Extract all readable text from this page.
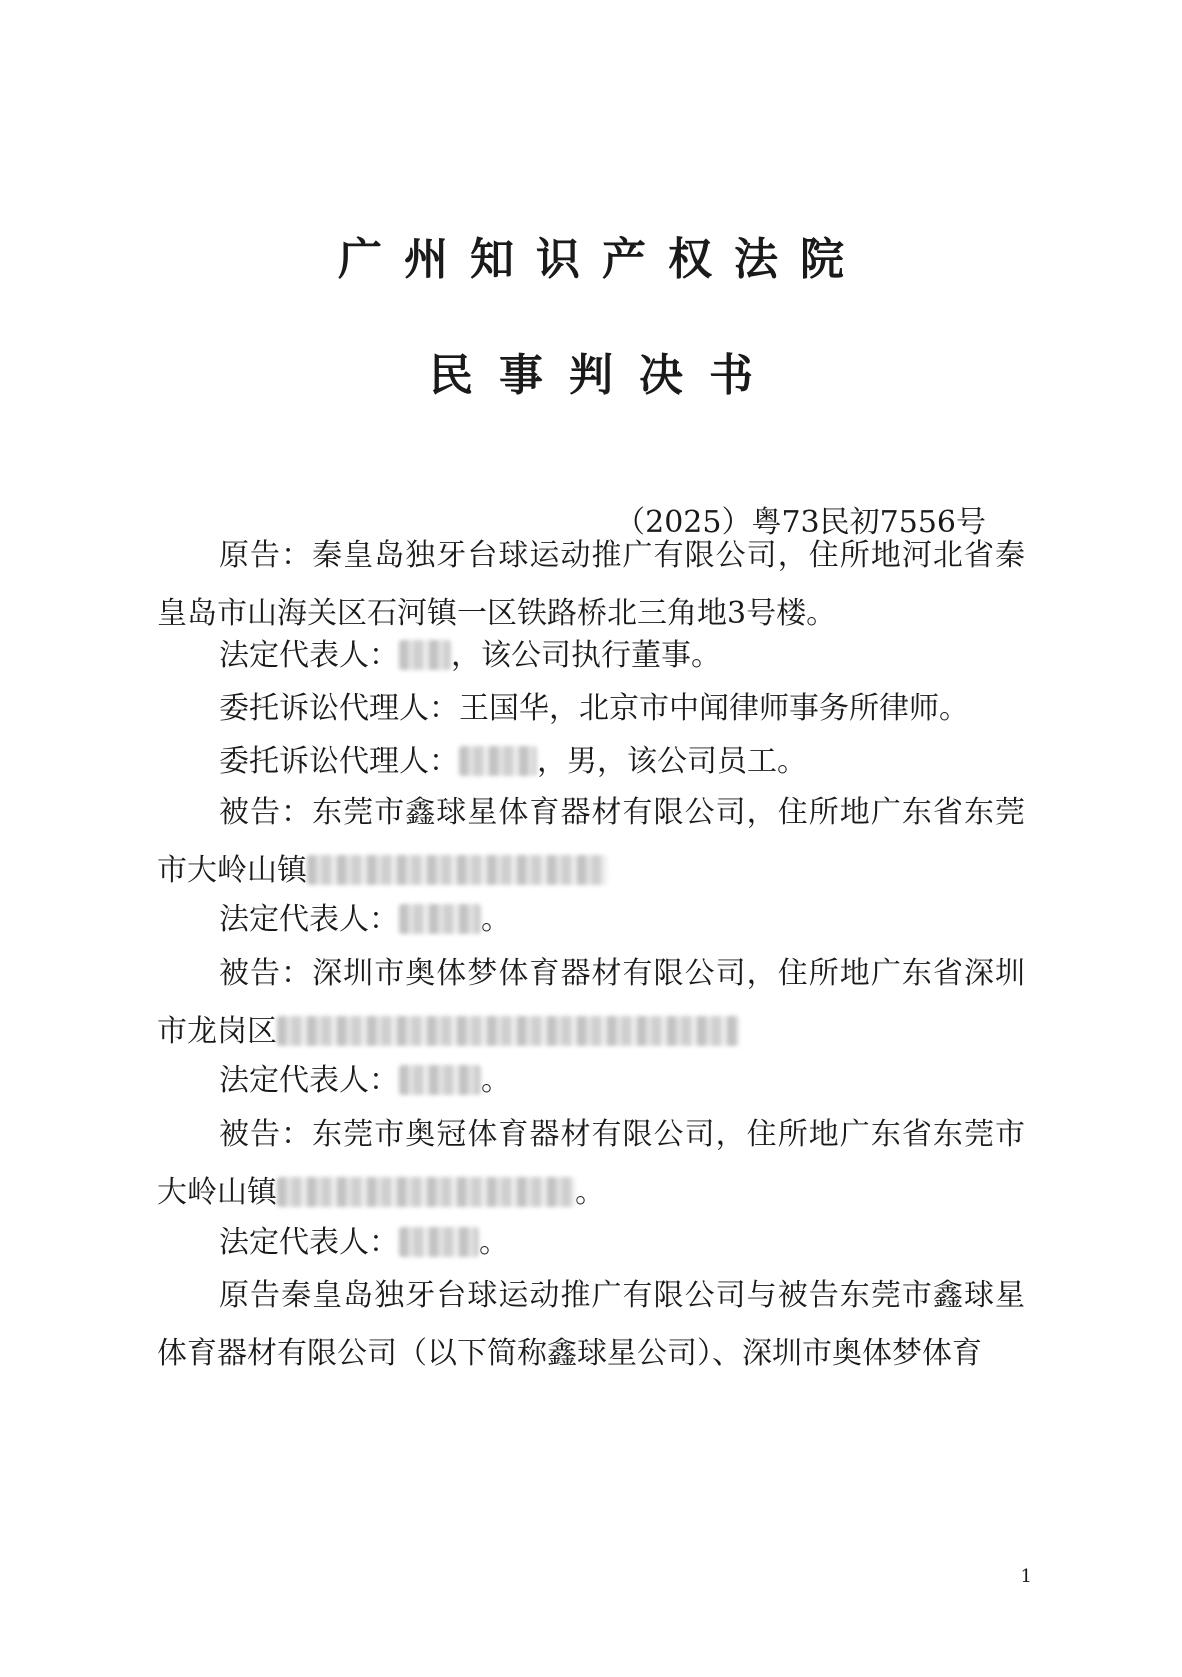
广州知识产权法院
民事判决书
（2025）粤73民初7556号

原告：秦皇岛独牙台球运动推广有限公司，住所地河北省秦皇岛市山海关区石河镇一区铁路桥北三角地3号楼。

法定代表人： ，该公司执行董事。

委托诉讼代理人：王国华，北京市中闻律师事务所律师。

委托诉讼代理人：	，男，该公司员工。

被告：东莞市鑫球星体育器材有限公司，住所地广东省东莞市大岭山镇

法定代表人：	。

被告：深圳市奥体梦体育器材有限公司，住所地广东省深圳市龙岗区

法定代表人：	。

被告：东莞市奥冠体育器材有限公司，住所地广东省东莞市大岭山镇	。

法定代表人：	。

原告秦皇岛独牙台球运动推广有限公司与被告东莞市鑫球星体育器材有限公司（以下简称鑫球星公司）、深圳市奥体梦体育

1
